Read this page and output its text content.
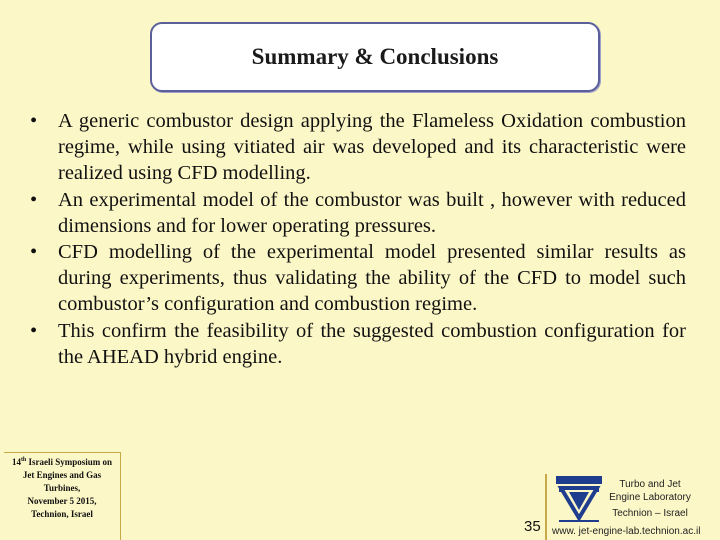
Summary & Conclusions
•	A generic combustor design applying the Flameless Oxidation combustion regime, while using vitiated air was developed and its characteristic were realized using CFD modelling.
•	An experimental model of the combustor was built , however with reduced dimensions and for lower operating pressures.
•	CFD modelling of the experimental model presented similar results as during experiments, thus validating the ability of the CFD to model such combustor’s configuration and combustion regime.
•	This confirm the feasibility of the suggested combustion configuration for the AHEAD hybrid engine.
14th Israeli Symposium on
Jet Engines and Gas
Turbines,
November 5 2015,
Technion, Israel
35
Turbo and Jet
Engine Laboratory
Technion – Israel
www. jet-engine-lab.technion.ac.il
